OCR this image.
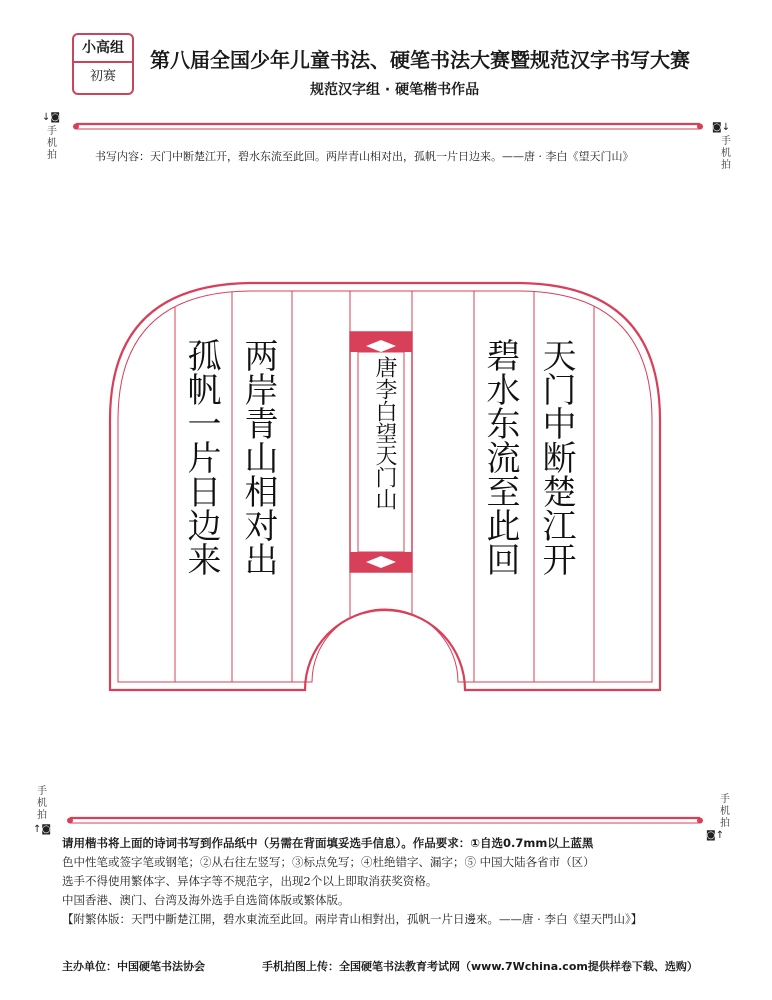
小高组
初赛
第八届全国少年儿童书法、硬笔书法大赛暨规范汉字书写大赛
规范汉字组 · 硬笔楷书作品
↓◙
手机拍
◙↓
手机拍
手机拍
↑◙
手机拍
◙↑
书写内容：天门中断楚江开，碧水东流至此回。两岸青山相对出，孤帆一片日边来。——唐 · 李白《望天门山》
天门中断楚江开
碧水东流至此回
两岸青山相对出
孤帆一片日边来	唐李白望天门山
请用楷书将上面的诗词书写到作品纸中（另需在背面填妥选手信息）。作品要求：①自选0.7mm以上蓝黑
色中性笔或签字笔或钢笔；②从右往左竖写；③标点免写；④杜绝错字、漏字；⑤ 中国大陆各省市（区）
选手不得使用繁体字、异体字等不规范字，出现2个以上即取消获奖资格。
中国香港、澳门、台湾及海外选手自选简体版或繁体版。
【附繁体版：天門中斷楚江開，碧水東流至此回。兩岸青山相對出，孤帆一片日邊來。——唐 · 李白《望天門山》】
主办单位：中国硬笔书法协会	手机拍图上传：全国硬笔书法教育考试网（www.7Wchina.com提供样卷下载、选购）
